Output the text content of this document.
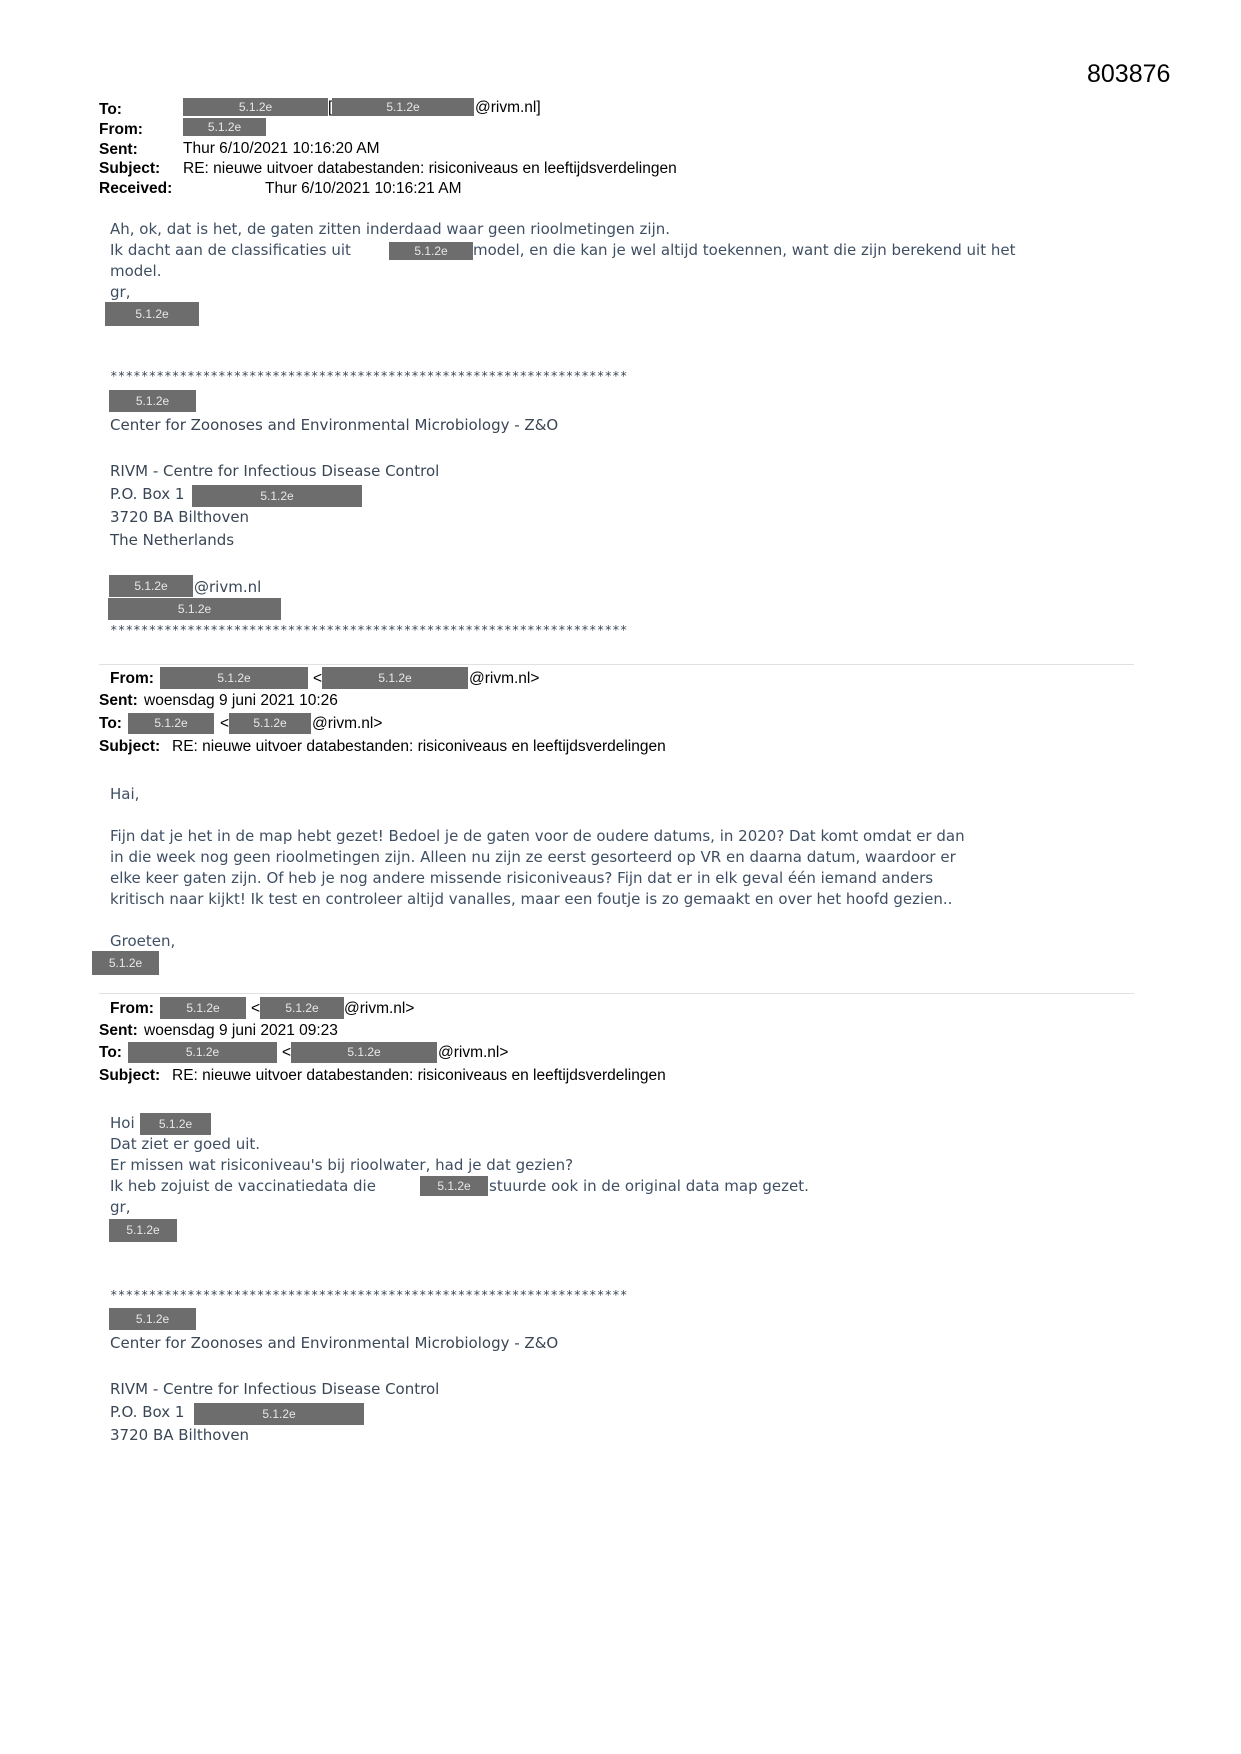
803876
To:	5.1.2e	[	5.1.2e	@rivm.nl]
From:	5.1.2e
Sent:	Thur 6/10/2021 10:16:20 AM
Subject: RE: nieuwe uitvoer databestanden: risiconiveaus en leeftijdsverdelingen
Received:	Thur 6/10/2021 10:16:21 AM
Ah, ok, dat is het, de gaten zitten inderdaad waar geen rioolmetingen zijn.
Ik dacht aan de classificaties uit	5.1.2e	model, en die kan je wel altijd toekennen, want die zijn berekend uit het
model.
gr,
5.1.2e
*******************************************************************
5.1.2e
Center for Zoonoses and Environmental Microbiology - Z&O
RIVM - Centre for Infectious Disease Control
P.O. Box 1	5.1.2e
3720 BA Bilthoven
The Netherlands
5.1.2e	@rivm.nl
5.1.2e
*******************************************************************
From:	5.1.2e	<	5.1.2e	@rivm.nl>
Sent: woensdag 9 juni 2021 10:26
To:	5.1.2e	<	5.1.2e	@rivm.nl>
Subject: RE: nieuwe uitvoer databestanden: risiconiveaus en leeftijdsverdelingen
Hai,
Fijn dat je het in de map hebt gezet! Bedoel je de gaten voor de oudere datums, in 2020? Dat komt omdat er dan
in die week nog geen rioolmetingen zijn. Alleen nu zijn ze eerst gesorteerd op VR en daarna datum, waardoor er
elke keer gaten zijn. Of heb je nog andere missende risiconiveaus? Fijn dat er in elk geval één iemand anders
kritisch naar kijkt! Ik test en controleer altijd vanalles, maar een foutje is zo gemaakt en over het hoofd gezien..
Groeten,
5.1.2e
From:	5.1.2e	<	5.1.2e	@rivm.nl>
Sent: woensdag 9 juni 2021 09:23
To:	5.1.2e	<	5.1.2e	@rivm.nl>
Subject: RE: nieuwe uitvoer databestanden: risiconiveaus en leeftijdsverdelingen
Hoi	5.1.2e
Dat ziet er goed uit.
Er missen wat risiconiveau's bij rioolwater, had je dat gezien?
Ik heb zojuist de vaccinatiedata die	5.1.2e	stuurde ook in de original data map gezet.
gr,
5.1.2e
*******************************************************************
5.1.2e
Center for Zoonoses and Environmental Microbiology - Z&O
RIVM - Centre for Infectious Disease Control
P.O. Box 1	5.1.2e
3720 BA Bilthoven
